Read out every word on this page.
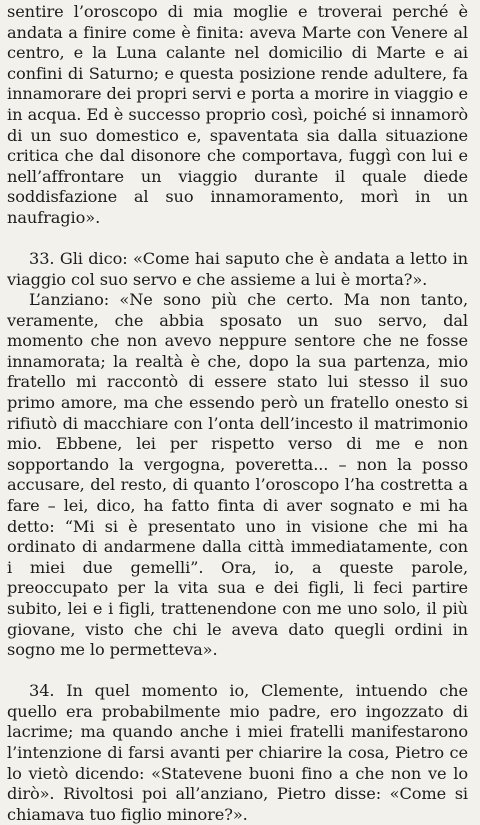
sentire l’oroscopo di mia moglie e troverai perché è andata a finire come è finita: aveva Marte con Venere al centro, e la Luna calante nel domicilio di Marte e ai confini di Saturno; e questa posizione rende adultere, fa innamorare dei propri servi e porta a morire in viaggio e in acqua. Ed è successo proprio così, poiché si innamorò di un suo domestico e, spaventata sia dalla situazione critica che dal disonore che comportava, fuggì con lui e nell’affrontare un viaggio durante il quale diede soddisfazione al suo innamoramento, morì in un naufragio».

33. Gli dico: «Come hai saputo che è andata a letto in viaggio col suo servo e che assieme a lui è morta?».

L’anziano: «Ne sono più che certo. Ma non tanto, veramente, che abbia sposato un suo servo, dal momento che non avevo neppure sentore che ne fosse innamorata; la realtà è che, dopo la sua partenza, mio fratello mi raccontò di essere stato lui stesso il suo primo amore, ma che essendo però un fratello onesto si rifiutò di macchiare con l’onta dell’incesto il matrimonio mio. Ebbene, lei per rispetto verso di me e non sopportando la vergogna, poveretta... – non la posso accusare, del resto, di quanto l’oroscopo l’ha costretta a fare – lei, dico, ha fatto finta di aver sognato e mi ha detto: “Mi si è presentato uno in visione che mi ha ordinato di andarmene dalla città immediatamente, con i miei due gemelli”. Ora, io, a queste parole, preoccupato per la vita sua e dei figli, li feci partire subito, lei e i figli, trattenendone con me uno solo, il più giovane, visto che chi le aveva dato quegli ordini in sogno me lo permetteva».

34. In quel momento io, Clemente, intuendo che quello era probabilmente mio padre, ero ingozzato di lacrime; ma quando anche i miei fratelli manifestarono l’intenzione di farsi avanti per chiarire la cosa, Pietro ce lo vietò dicendo: «Statevene buoni fino a che non ve lo dirò». Rivoltosi poi all’anziano, Pietro disse: «Come si chiamava tuo figlio minore?».
